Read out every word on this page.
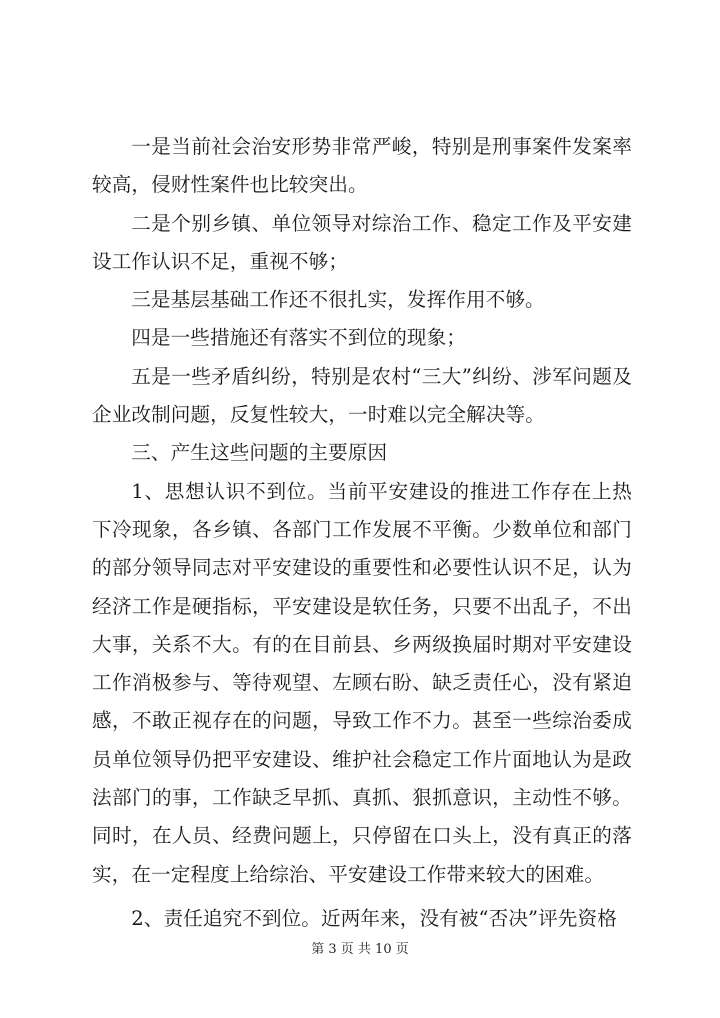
一是当前社会治安形势非常严峻，特别是刑事案件发案率较高，侵财性案件也比较突出。

二是个别乡镇、单位领导对综治工作、稳定工作及平安建设工作认识不足，重视不够；

三是基层基础工作还不很扎实，发挥作用不够。

四是一些措施还有落实不到位的现象；

五是一些矛盾纠纷，特别是农村“三大”纠纷、涉军问题及企业改制问题，反复性较大，一时难以完全解决等。

三、产生这些问题的主要原因

1、思想认识不到位。当前平安建设的推进工作存在上热下冷现象，各乡镇、各部门工作发展不平衡。少数单位和部门的部分领导同志对平安建设的重要性和必要性认识不足，认为经济工作是硬指标，平安建设是软任务，只要不出乱子，不出大事，关系不大。有的在目前县、乡两级换届时期对平安建设工作消极参与、等待观望、左顾右盼、缺乏责任心，没有紧迫感，不敢正视存在的问题，导致工作不力。甚至一些综治委成员单位领导仍把平安建设、维护社会稳定工作片面地认为是政法部门的事，工作缺乏早抓、真抓、狠抓意识，主动性不够。同时，在人员、经费问题上，只停留在口头上，没有真正的落实，在一定程度上给综治、平安建设工作带来较大的困难。

2、责任追究不到位。近两年来，没有被“否决”评先资格

第 3 页 共 10 页
